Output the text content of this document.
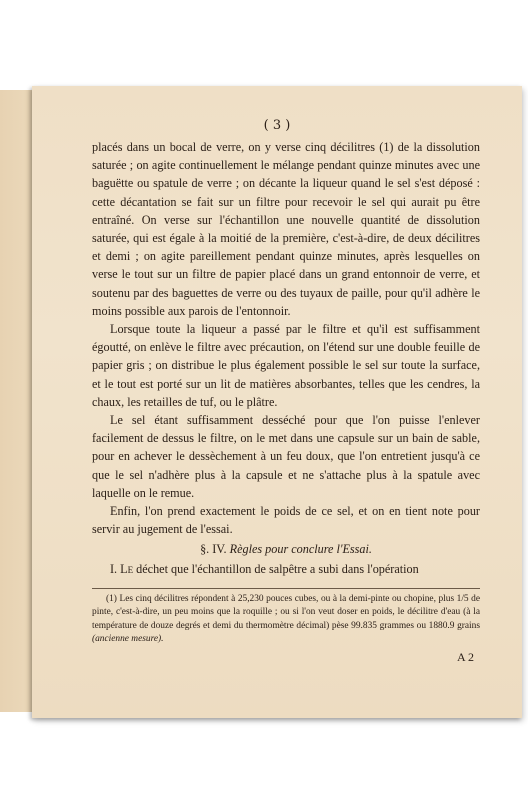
( 3 )

placés dans un bocal de verre, on y verse cinq décilitres (1) de la dissolution saturée ; on agite continuellement le mélange pendant quinze minutes avec une baguëtte ou spatule de verre ; on décante la liqueur quand le sel s'est déposé : cette décantation se fait sur un filtre pour recevoir le sel qui aurait pu être entraîné. On verse sur l'échantillon une nouvelle quantité de dissolution saturée, qui est égale à la moitié de la première, c'est-à-dire, de deux décilitres et demi ; on agite pareillement pendant quinze minutes, après lesquelles on verse le tout sur un filtre de papier placé dans un grand entonnoir de verre, et soutenu par des baguettes de verre ou des tuyaux de paille, pour qu'il adhère le moins possible aux parois de l'entonnoir.

Lorsque toute la liqueur a passé par le filtre et qu'il est suffisamment égoutté, on enlève le filtre avec précaution, on l'étend sur une double feuille de papier gris ; on distribue le plus également possible le sel sur toute la surface, et le tout est porté sur un lit de matières absorbantes, telles que les cendres, la chaux, les retailles de tuf, ou le plâtre.

Le sel étant suffisamment desséché pour que l'on puisse l'enlever facilement de dessus le filtre, on le met dans une capsule sur un bain de sable, pour en achever le dessèchement à un feu doux, que l'on entretient jusqu'à ce que le sel n'adhère plus à la capsule et ne s'attache plus à la spatule avec laquelle on le remue.

Enfin, l'on prend exactement le poids de ce sel, et on en tient note pour servir au jugement de l'essai.

§. IV. Règles pour conclure l'Essai.

I. Le déchet que l'échantillon de salpêtre a subi dans l'opération

(1) Les cinq décilitres répondent à 25,230 pouces cubes, ou à la demi-pinte ou chopine, plus 1/5 de pinte, c'est-à-dire, un peu moins que la roquille ; ou si l'on veut doser en poids, le décilitre d'eau (à la température de douze degrés et demi du thermomètre décimal) pèse 99.835 grammes ou 1880.9 grains (ancienne mesure).

A 2
